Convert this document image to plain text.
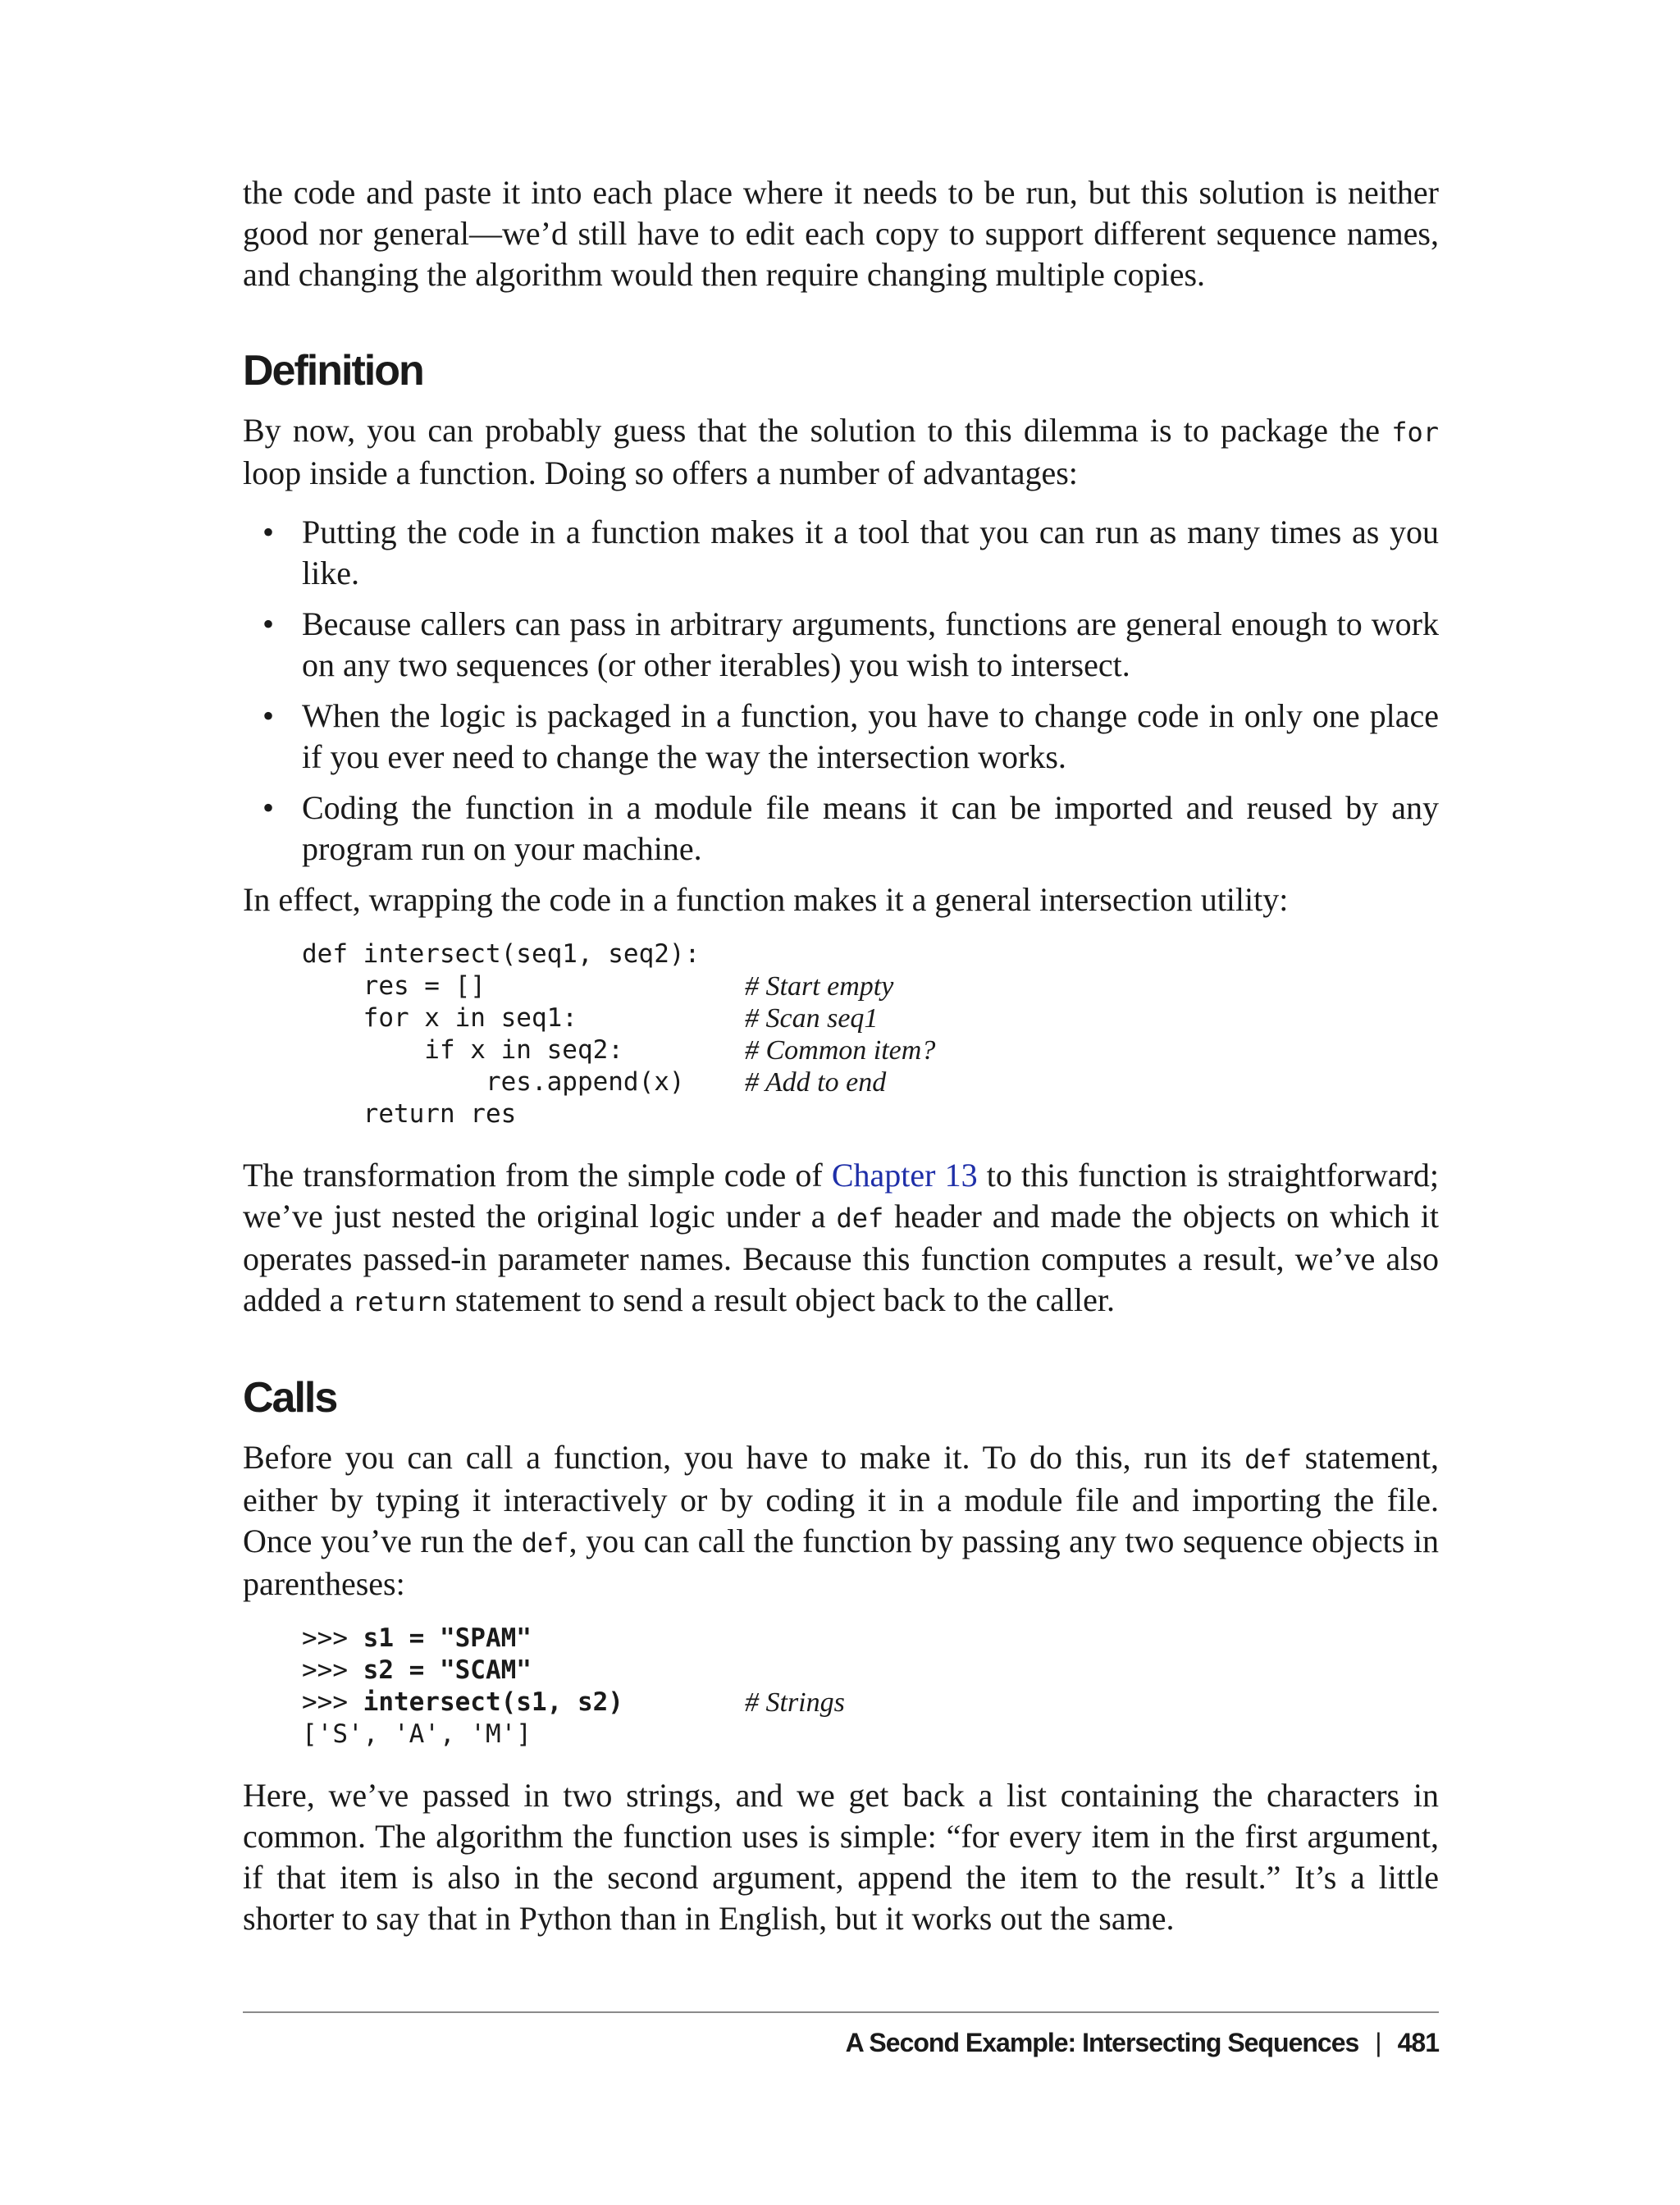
the code and paste it into each place where it needs to be run, but this solution is neither good nor general—we’d still have to edit each copy to support different sequence names, and changing the algorithm would then require changing multiple copies.

Definition

By now, you can probably guess that the solution to this dilemma is to package the for loop inside a function. Doing so offers a number of advantages:

• Putting the code in a function makes it a tool that you can run as many times as you like.
• Because callers can pass in arbitrary arguments, functions are general enough to work on any two sequences (or other iterables) you wish to intersect.
• When the logic is packaged in a function, you have to change code in only one place if you ever need to change the way the intersection works.
• Coding the function in a module file means it can be imported and reused by any program run on your machine.

In effect, wrapping the code in a function makes it a general intersection utility:

def intersect(seq1, seq2):
res = []	# Start empty
for x in seq1:	# Scan seq1
if x in seq2:	# Common item?
res.append(x) # Add to end
return res

The transformation from the simple code of Chapter 13 to this function is straightforward; we’ve just nested the original logic under a def header and made the objects on which it operates passed-in parameter names. Because this function computes a result, we’ve also added a return statement to send a result object back to the caller.

Calls

Before you can call a function, you have to make it. To do this, run its def statement, either by typing it interactively or by coding it in a module file and importing the file. Once you’ve run the def, you can call the function by passing any two sequence objects in parentheses:

>>> s1 = "SPAM"
>>> s2 = "SCAM"
>>> intersect(s1, s2)	# Strings
['S', 'A', 'M']

Here, we’ve passed in two strings, and we get back a list containing the characters in common. The algorithm the function uses is simple: “for every item in the first argument, if that item is also in the second argument, append the item to the result.” It’s a little shorter to say that in Python than in English, but it works out the same.

A Second Example: Intersecting Sequences | 481
